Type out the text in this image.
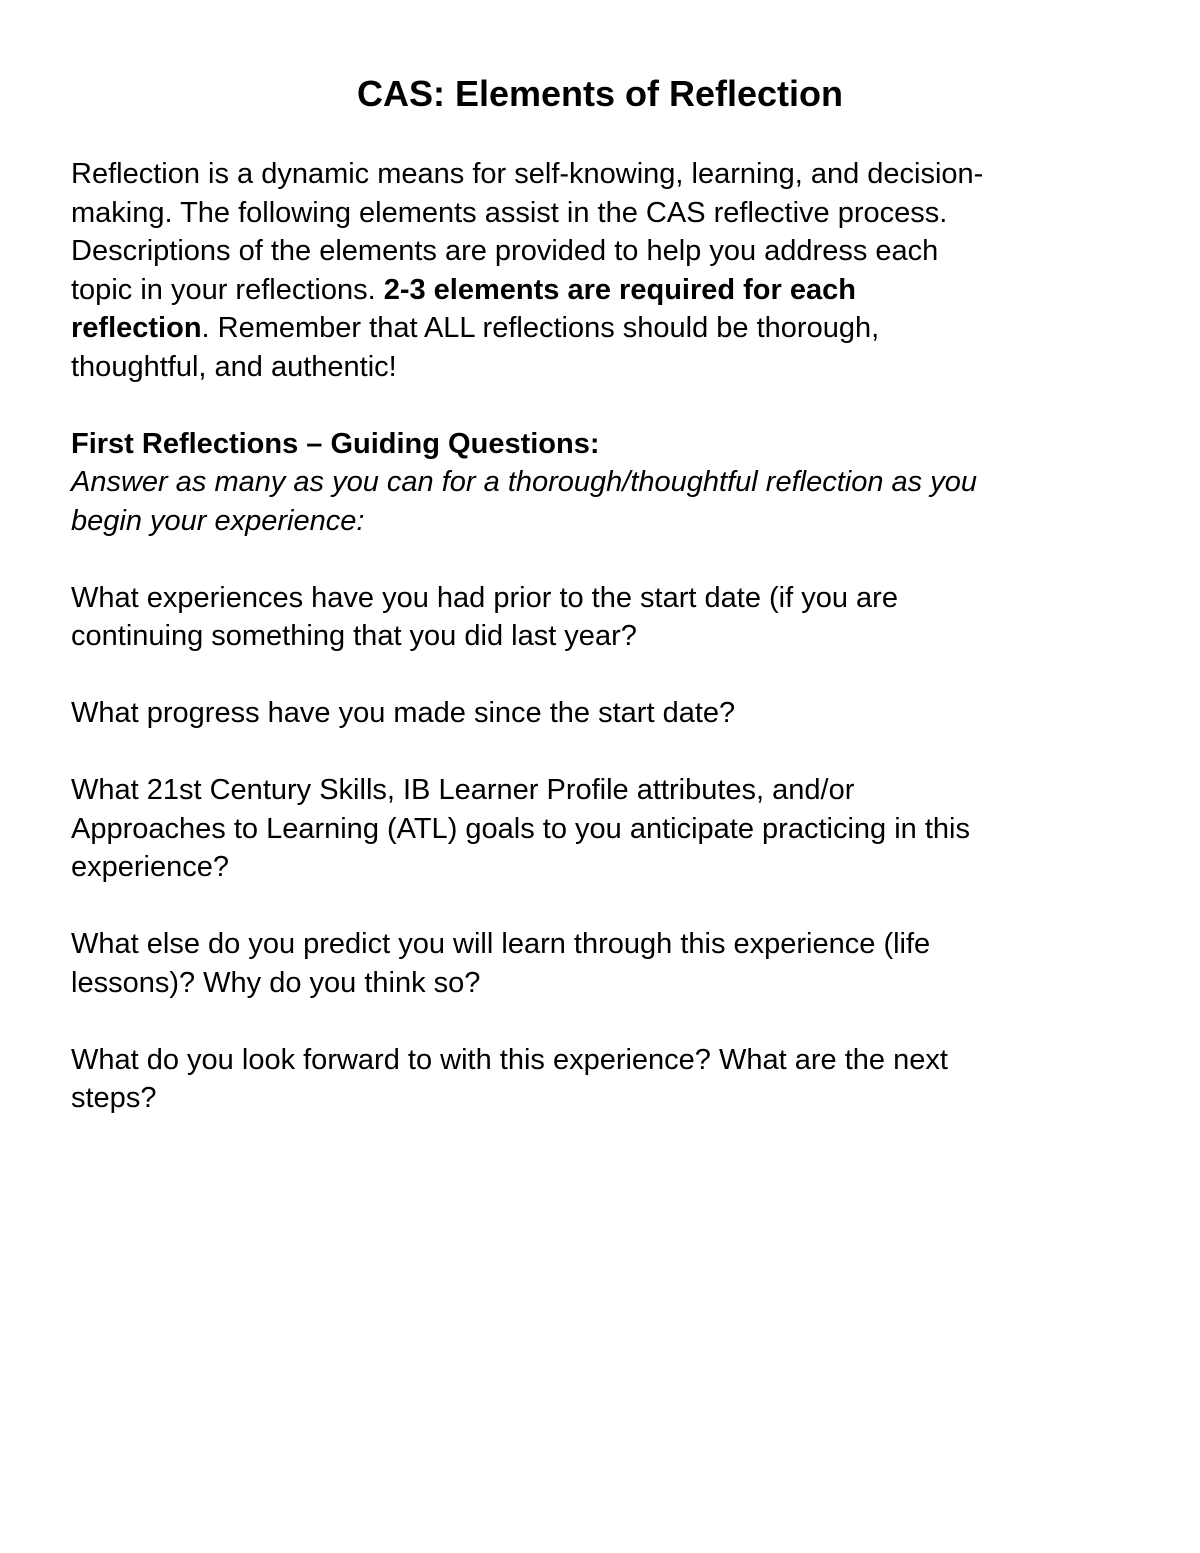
CAS: Elements of Reflection

Reflection is a dynamic means for self-knowing, learning, and decision-
making. The following elements assist in the CAS reflective process.
Descriptions of the elements are provided to help you address each
topic in your reflections. 2-3 elements are required for each
reflection. Remember that ALL reflections should be thorough,
thoughtful, and authentic!

First Reflections – Guiding Questions:

Answer as many as you can for a thorough/thoughtful reflection as you
begin your experience:

What experiences have you had prior to the start date (if you are
continuing something that you did last year?

What progress have you made since the start date?

What 21st Century Skills, IB Learner Profile attributes, and/or
Approaches to Learning (ATL) goals to you anticipate practicing in this
experience?

What else do you predict you will learn through this experience (life
lessons)? Why do you think so?

What do you look forward to with this experience? What are the next
steps?
